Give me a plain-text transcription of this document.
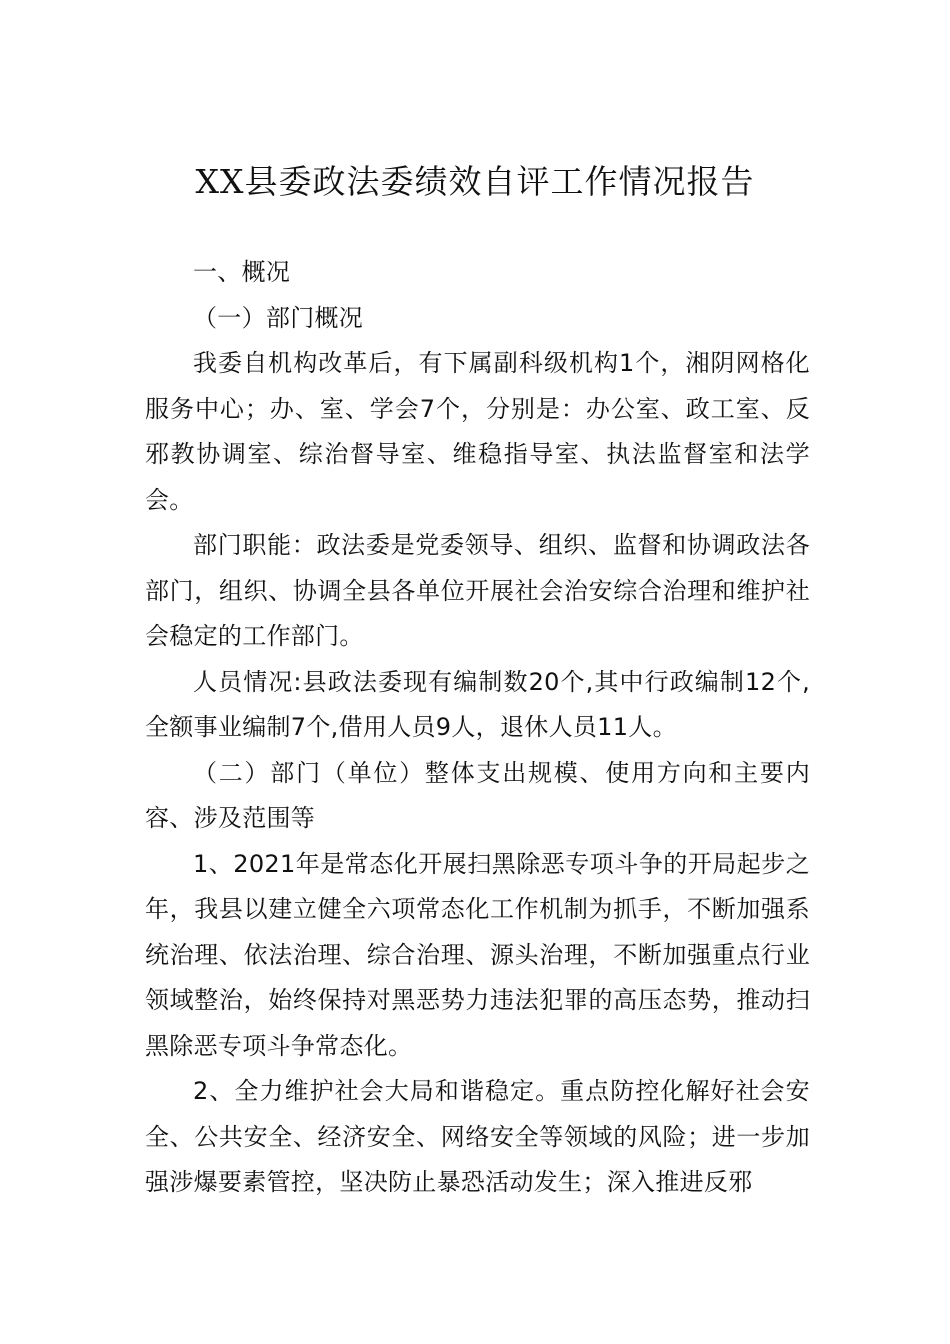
XX县委政法委绩效自评工作情况报告

一、概况

（一）部门概况

我委自机构改革后，有下属副科级机构1个，湘阴网格化服务中心；办、室、学会7个，分别是：办公室、政工室、反邪教协调室、综治督导室、维稳指导室、执法监督室和法学会。

部门职能：政法委是党委领导、组织、监督和协调政法各部门，组织、协调全县各单位开展社会治安综合治理和维护社会稳定的工作部门。

人员情况:县政法委现有编制数20个,其中行政编制12个,全额事业编制7个,借用人员9人，退休人员11人。

（二）部门（单位）整体支出规模、使用方向和主要内容、涉及范围等

1、2021年是常态化开展扫黑除恶专项斗争的开局起步之年，我县以建立健全六项常态化工作机制为抓手，不断加强系统治理、依法治理、综合治理、源头治理，不断加强重点行业领域整治，始终保持对黑恶势力违法犯罪的高压态势，推动扫黑除恶专项斗争常态化。

2、全力维护社会大局和谐稳定。重点防控化解好社会安全、公共安全、经济安全、网络安全等领域的风险；进一步加强涉爆要素管控，坚决防止暴恐活动发生；深入推进反邪
